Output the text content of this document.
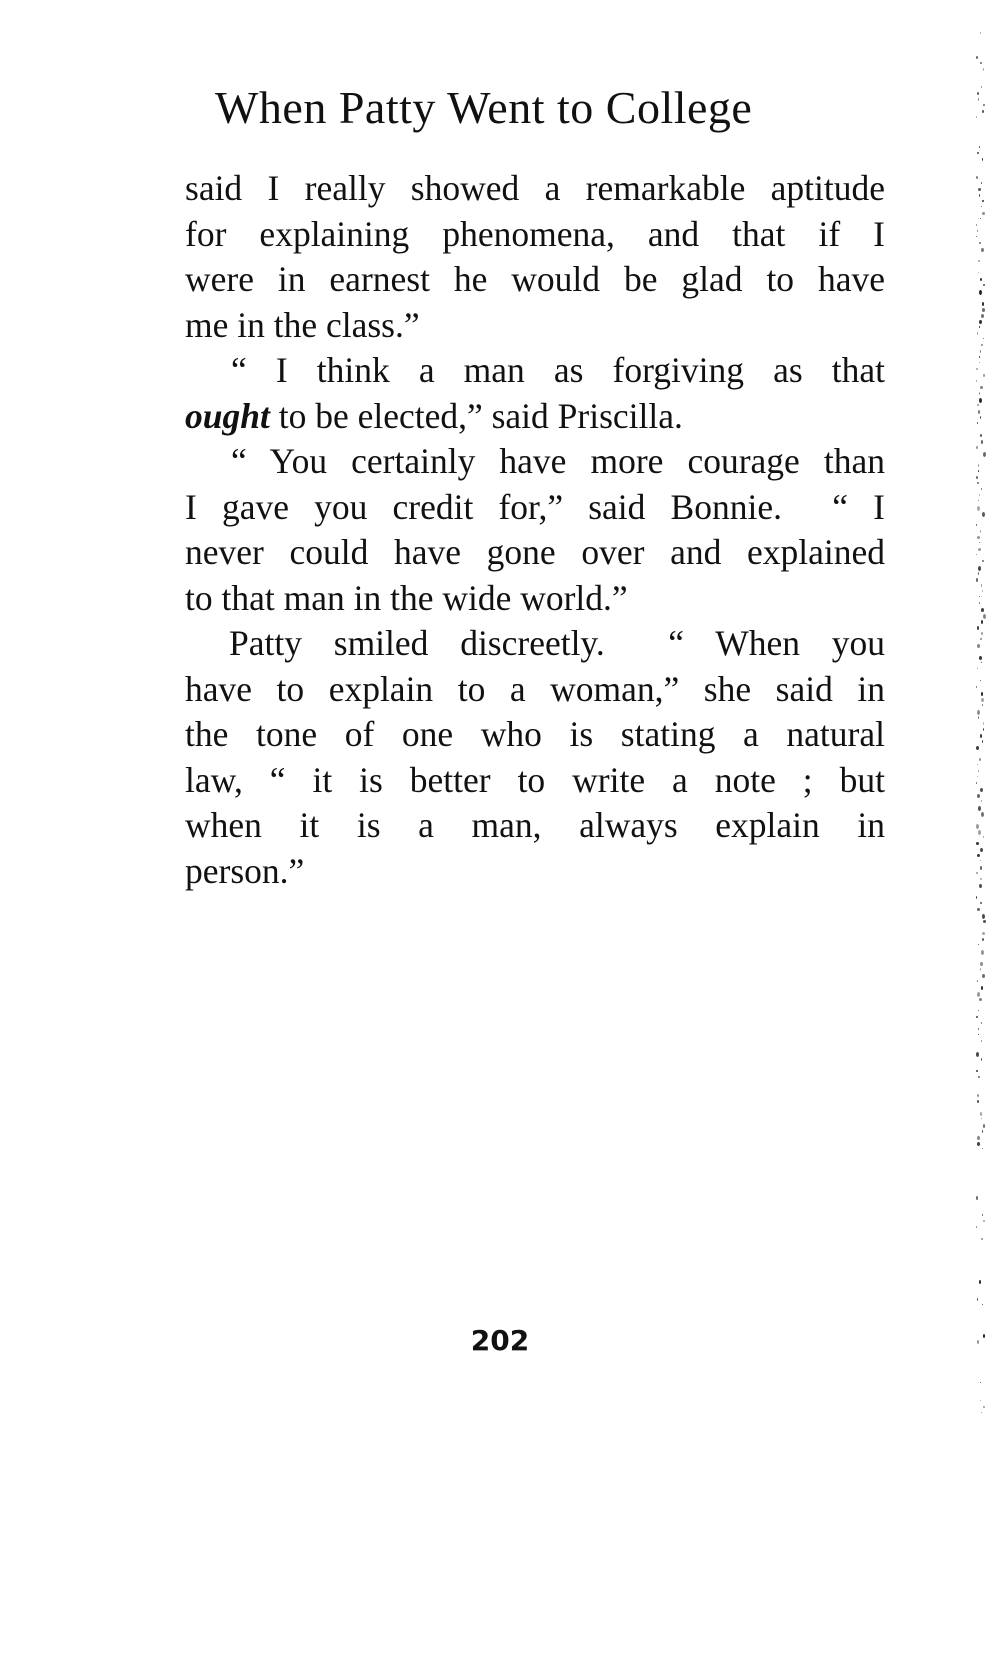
When Patty Went to College
said I really showed a remarkable aptitude
for explaining phenomena, and that if I
were in earnest he would be glad to have
me in the class.”
“ I think a man as forgiving as that
ought to be elected,” said Priscilla.
“ You certainly have more courage than
I gave you credit for,” said Bonnie.  “ I
never could have gone over and explained
to that man in the wide world.”
Patty smiled discreetly.  “ When you
have to explain to a woman,” she said in
the tone of one who is stating a natural
law, “ it is better to write a note ; but
when it is a man, always explain in
person.”
202
